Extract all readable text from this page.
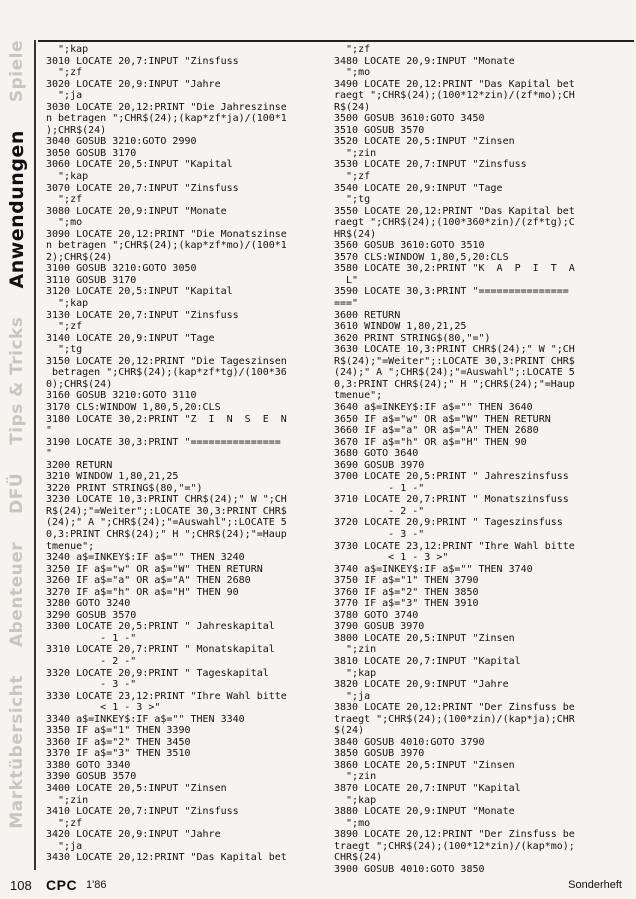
Marktübersicht
Abenteuer
DFÜ
Tips & Tricks
Anwendungen
Spiele ";kap
3010 LOCATE 20,7:INPUT "Zinsfuss
";zf
3020 LOCATE 20,9:INPUT "Jahre
";ja
3030 LOCATE 20,12:PRINT "Die Jahreszinse
n betragen ";CHR$(24);(kap*zf*ja)/(100*1
);CHR$(24)
3040 GOSUB 3210:GOTO 2990
3050 GOSUB 3170
3060 LOCATE 20,5:INPUT "Kapital
";kap
3070 LOCATE 20,7:INPUT "Zinsfuss
";zf
3080 LOCATE 20,9:INPUT "Monate
";mo
3090 LOCATE 20,12:PRINT "Die Monatszinse
n betragen ";CHR$(24);(kap*zf*mo)/(100*1
2);CHR$(24)
3100 GOSUB 3210:GOTO 3050
3110 GOSUB 3170
3120 LOCATE 20,5:INPUT "Kapital
";kap
3130 LOCATE 20,7:INPUT "Zinsfuss
";zf
3140 LOCATE 20,9:INPUT "Tage
";tg
3150 LOCATE 20,12:PRINT "Die Tageszinsen
betragen ";CHR$(24);(kap*zf*tg)/(100*36
0);CHR$(24)
3160 GOSUB 3210:GOTO 3110
3170 CLS:WINDOW 1,80,5,20:CLS
3180 LOCATE 30,2:PRINT "Z  I  N  S  E  N
"
3190 LOCATE 30,3:PRINT "===============
"
3200 RETURN
3210 WINDOW 1,80,21,25
3220 PRINT STRING$(80,"=")
3230 LOCATE 10,3:PRINT CHR$(24);" W ";CH
R$(24);"=Weiter";:LOCATE 30,3:PRINT CHR$
(24);" A ";CHR$(24);"=Auswahl";:LOCATE 5
0,3:PRINT CHR$(24);" H ";CHR$(24);"=Haup
tmenue";
3240 a$=INKEY$:IF a$="" THEN 3240
3250 IF a$="w" OR a$="W" THEN RETURN
3260 IF a$="a" OR a$="A" THEN 2680
3270 IF a$="h" OR a$="H" THEN 90
3280 GOTO 3240
3290 GOSUB 3570
3300 LOCATE 20,5:PRINT " Jahreskapital
- 1 -"
3310 LOCATE 20,7:PRINT " Monatskapital
- 2 -"
3320 LOCATE 20,9:PRINT " Tageskapital
- 3 -"
3330 LOCATE 23,12:PRINT "Ihre Wahl bitte
< 1 - 3 >"
3340 a$=INKEY$:IF a$="" THEN 3340
3350 IF a$="1" THEN 3390
3360 IF a$="2" THEN 3450
3370 IF a$="3" THEN 3510
3380 GOTO 3340
3390 GOSUB 3570
3400 LOCATE 20,5:INPUT "Zinsen
";zin
3410 LOCATE 20,7:INPUT "Zinsfuss
";zf
3420 LOCATE 20,9:INPUT "Jahre
";ja
3430 LOCATE 20,12:PRINT "Das Kapital bet
";zf
3480 LOCATE 20,9:INPUT "Monate
";mo
3490 LOCATE 20,12:PRINT "Das Kapital bet
raegt ";CHR$(24);(100*12*zin)/(zf*mo);CH
R$(24)
3500 GOSUB 3610:GOTO 3450
3510 GOSUB 3570
3520 LOCATE 20,5:INPUT "Zinsen
";zin
3530 LOCATE 20,7:INPUT "Zinsfuss
";zf
3540 LOCATE 20,9:INPUT "Tage
";tg
3550 LOCATE 20,12:PRINT "Das Kapital bet
raegt ";CHR$(24);(100*360*zin)/(zf*tg);C
HR$(24)
3560 GOSUB 3610:GOTO 3510
3570 CLS:WINDOW 1,80,5,20:CLS
3580 LOCATE 30,2:PRINT "K  A  P  I  T  A
L"
3590 LOCATE 30,3:PRINT "===============
==="
3600 RETURN
3610 WINDOW 1,80,21,25
3620 PRINT STRING$(80,"=")
3630 LOCATE 10,3:PRINT CHR$(24);" W ";CH
R$(24);"=Weiter";:LOCATE 30,3:PRINT CHR$
(24);" A ";CHR$(24);"=Auswahl";:LOCATE 5
0,3:PRINT CHR$(24);" H ";CHR$(24);"=Haup
tmenue";
3640 a$=INKEY$:IF a$="" THEN 3640
3650 IF a$="w" OR a$="W" THEN RETURN
3660 IF a$="a" OR a$="A" THEN 2680
3670 IF a$="h" OR a$="H" THEN 90
3680 GOTO 3640
3690 GOSUB 3970
3700 LOCATE 20,5:PRINT " Jahreszinsfuss
- 1 -"
3710 LOCATE 20,7:PRINT " Monatszinsfuss
- 2 -"
3720 LOCATE 20,9:PRINT " Tageszinsfuss
- 3 -"
3730 LOCATE 23,12:PRINT "Ihre Wahl bitte
< 1 - 3 >"
3740 a$=INKEY$:IF a$="" THEN 3740
3750 IF a$="1" THEN 3790
3760 IF a$="2" THEN 3850
3770 IF a$="3" THEN 3910
3780 GOTO 3740
3790 GOSUB 3970
3800 LOCATE 20,5:INPUT "Zinsen
";zin
3810 LOCATE 20,7:INPUT "Kapital
";kap
3820 LOCATE 20,9:INPUT "Jahre
";ja
3830 LOCATE 20,12:PRINT "Der Zinsfuss be
traegt ";CHR$(24);(100*zin)/(kap*ja);CHR
$(24)
3840 GOSUB 4010:GOTO 3790
3850 GOSUB 3970
3860 LOCATE 20,5:INPUT "Zinsen
";zin
3870 LOCATE 20,7:INPUT "Kapital
";kap
3880 LOCATE 20,9:INPUT "Monate
";mo
3890 LOCATE 20,12:PRINT "Der Zinsfuss be
traegt ";CHR$(24);(100*12*zin)/(kap*mo);
CHR$(24)
3900 GOSUB 4010:GOTO 3850
108 CPC 1'86	Sonderheft
